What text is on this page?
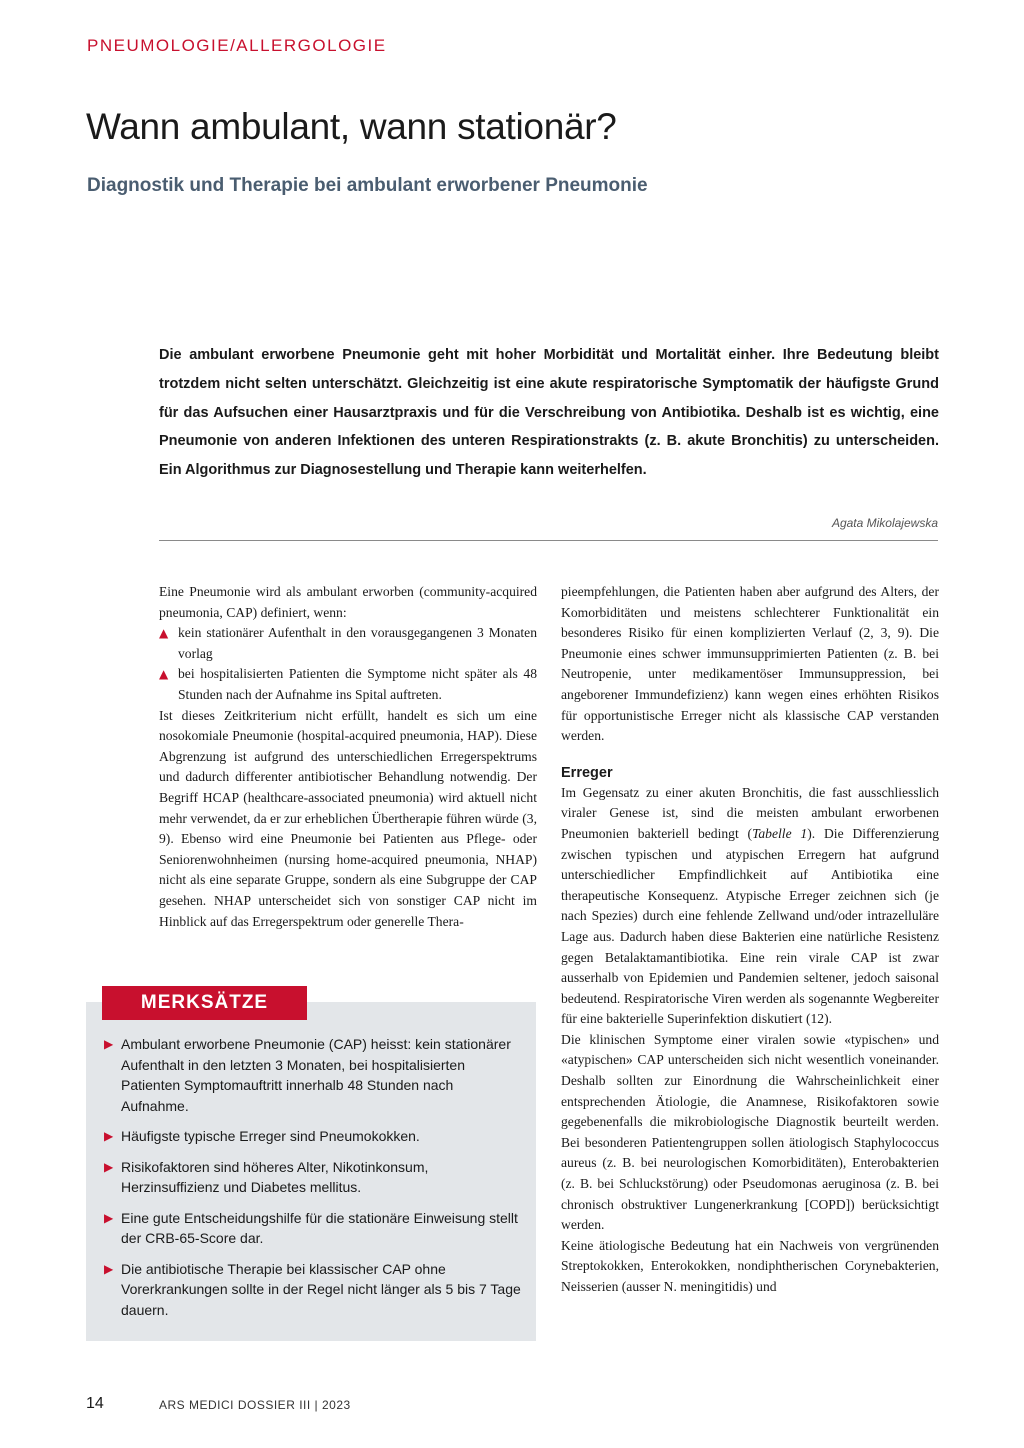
PNEUMOLOGIE/ALLERGOLOGIE
Wann ambulant, wann stationär?
Diagnostik und Therapie bei ambulant erworbener Pneumonie

Die ambulant erworbene Pneumonie geht mit hoher Morbidität und Mortalität einher. Ihre Bedeutung bleibt trotzdem nicht selten unterschätzt. Gleichzeitig ist eine akute respiratorische Symptomatik der häufigste Grund für das Aufsuchen einer Hausarztpraxis und für die Verschreibung von Antibiotika. Deshalb ist es wichtig, eine Pneumonie von anderen Infektionen des unteren Respirationstrakts (z. B. akute Bronchitis) zu unterscheiden. Ein Algorithmus zur Diagnosestellung und Therapie kann weiterhelfen.

Agata Mikolajewska

Eine Pneumonie wird als ambulant erworben (community-acquired pneumonia, CAP) definiert, wenn:

▲ kein stationärer Aufenthalt in den vorausgegangenen 3 Monaten vorlag
▲ bei hospitalisierten Patienten die Symptome nicht später als 48 Stunden nach der Aufnahme ins Spital auftreten.

Ist dieses Zeitkriterium nicht erfüllt, handelt es sich um eine nosokomiale Pneumonie (hospital-acquired pneumonia, HAP). Diese Abgrenzung ist aufgrund des unterschiedlichen Erregerspektrums und dadurch differenter antibiotischer Behandlung notwendig. Der Begriff HCAP (healthcare-associated pneumonia) wird aktuell nicht mehr verwendet, da er zur erheblichen Übertherapie führen würde (3, 9). Ebenso wird eine Pneumonie bei Patienten aus Pflege- oder Seniorenwohnheimen (nursing home-acquired pneumonia, NHAP) nicht als eine separate Gruppe, sondern als eine Subgruppe der CAP gesehen. NHAP unterscheidet sich von sonstiger CAP nicht im Hinblick auf das Erregerspektrum oder generelle Thera-

pieempfehlungen, die Patienten haben aber aufgrund des Alters, der Komorbiditäten und meistens schlechterer Funktionalität ein besonderes Risiko für einen komplizierten Verlauf (2, 3, 9). Die Pneumonie eines schwer immunsupprimierten Patienten (z. B. bei Neutropenie, unter medikamentöser Immunsuppression, bei angeborener Immundefizienz) kann wegen eines erhöhten Risikos für opportunistische Erreger nicht als klassische CAP verstanden werden.

Erreger

Im Gegensatz zu einer akuten Bronchitis, die fast ausschliesslich viraler Genese ist, sind die meisten ambulant erworbenen Pneumonien bakteriell bedingt (Tabelle 1). Die Differenzierung zwischen typischen und atypischen Erregern hat aufgrund unterschiedlicher Empfindlichkeit auf Antibiotika eine therapeutische Konsequenz. Atypische Erreger zeichnen sich (je nach Spezies) durch eine fehlende Zellwand und/oder intrazelluläre Lage aus. Dadurch haben diese Bakterien eine natürliche Resistenz gegen Betalaktamantibiotika. Eine rein virale CAP ist zwar ausserhalb von Epidemien und Pandemien seltener, jedoch saisonal bedeutend. Respiratorische Viren werden als sogenannte Wegbereiter für eine bakterielle Superinfektion diskutiert (12).

Die klinischen Symptome einer viralen sowie «typischen» und «atypischen» CAP unterscheiden sich nicht wesentlich voneinander. Deshalb sollten zur Einordnung die Wahrscheinlichkeit einer entsprechenden Ätiologie, die Anamnese, Risikofaktoren sowie gegebenenfalls die mikrobiologische Diagnostik beurteilt werden. Bei besonderen Patientengruppen sollen ätiologisch Staphylococcus aureus (z. B. bei neurologischen Komorbiditäten), Enterobakterien (z. B. bei Schluckstörung) oder Pseudomonas aeruginosa (z. B. bei chronisch obstruktiver Lungenerkrankung [COPD]) berücksichtigt werden.

Keine ätiologische Bedeutung hat ein Nachweis von vergrünenden Streptokokken, Enterokokken, nondiphtherischen Corynebakterien, Neisserien (ausser N. meningitidis) und

MERKSÄTZE
▶ Ambulant erworbene Pneumonie (CAP) heisst: kein stationärer Aufenthalt in den letzten 3 Monaten, bei hospitalisierten Patienten Symptomauftritt innerhalb 48 Stunden nach Aufnahme.
▶ Häufigste typische Erreger sind Pneumokokken.
▶ Risikofaktoren sind höheres Alter, Nikotinkonsum, Herzinsuffizienz und Diabetes mellitus.
▶ Eine gute Entscheidungshilfe für die stationäre Einweisung stellt der CRB-65-Score dar.
▶ Die antibiotische Therapie bei klassischer CAP ohne Vorerkrankungen sollte in der Regel nicht länger als 5 bis 7 Tage dauern.
14	ARS MEDICI DOSSIER III | 2023
